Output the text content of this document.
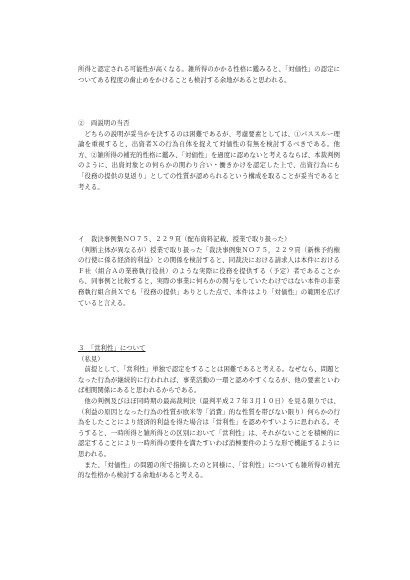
所得と認定される可能性が高くなる。雑所得のかかる性格に鑑みると、「対価性」の認定についてある程度の歯止めをかけることも検討する余地があると思われる。

②　両説明の当否

どちらの説明が妥当かを決するのは困難であるが、考慮要素としては、①パススルー理論を重視すると、出資者Ｘの行為自体を捉えて対価性の有無を検討するべきである。他方、②雑所得の補充的性格に鑑み、「対価性」を過度に認めないと考えるならば、本裁判例のように、出資対象との何らかの関わり合い・働きかけを認定した上で、出資行為にも「役務の提供の見返り」としての性質が認められるという構成を取ることが妥当であると考える。

イ　裁決事例集ＮＯ７５、２２９頁（配布資料記載、授業で取り扱った）

（判断主体が異なるが）授業で取り扱った「裁決事例集ＮＯ７５，２２９頁（新株予約権の行使に係る経済的利益）との関係を検討すると、同裁決における請求人は本件におけるＦ社（組合Ａの業務執行役員）のような実際に役務を提供する（予定）者であることから、同事例と比較すると、実際の事業に何らかの関与をしていたわけではない本件の非業務執行組合員Ｘでも「役務の提供」ありとした点で、本件はより「対価性」の範囲を広げていると言える。

３　「営利性」について

（私見）

前提として、「営利性」単独で認定をすることは困難であると考える。なぜなら、問題となった行為が継続的に行われれば、事業活動の一環と認めやすくなるが、他の要素といわば相関関係にあると思われるからである。

他の判例及びほぼ同時期の最高裁判決（最判平成２７年３月１０日）を見る限りでは、（利益の原因となった行為の性質が欧米等「消費」的な性質を帯びない限り）何らかの行為をしたことにより経済的利益を得た場合は「営利性」を認めやすいように思われる。そうすると、一時所得と雑所得との区別において「営利性」は、それがないことを積極的に認定することにより一時所得の要件を満たすいわば消極要件のような形で機能するように思われる。

また、「対価性」の問題の所で指摘したのと同様に、「営利性」についても雑所得の補充的な性格から検討する余地があると考える。
